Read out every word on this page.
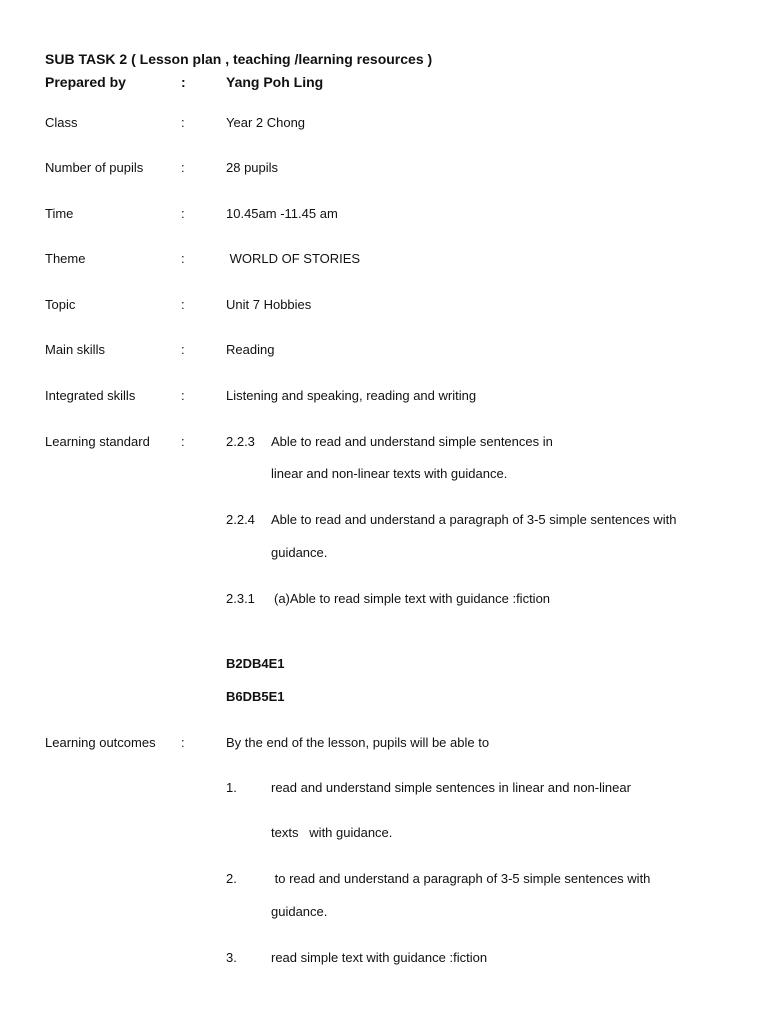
SUB TASK 2 ( Lesson plan , teaching /learning resources )
Prepared by	:	Yang Poh Ling
Class	:	Year 2 Chong
Number of pupils	:	28 pupils
Time	:	10.45am -11.45 am
Theme	:	WORLD OF STORIES
Topic	:	Unit 7 Hobbies
Main skills	:	Reading
Integrated skills	:	Listening and speaking, reading and writing
Learning standard :	2.2.3 Able to read and understand simple sentences in
linear and non-linear texts with guidance.
2.2.4 Able to read and understand a paragraph of 3-5 simple sentences with
guidance.
2.3.1 (a)Able to read simple text with guidance :fiction
B2DB4E1
B6DB5E1
Learning outcomes :	By the end of the lesson, pupils will be able to
1.	read and understand simple sentences in linear and non-linear
texts   with guidance.
2.	to read and understand a paragraph of 3-5 simple sentences with
guidance.
3.	read simple text with guidance :fiction
